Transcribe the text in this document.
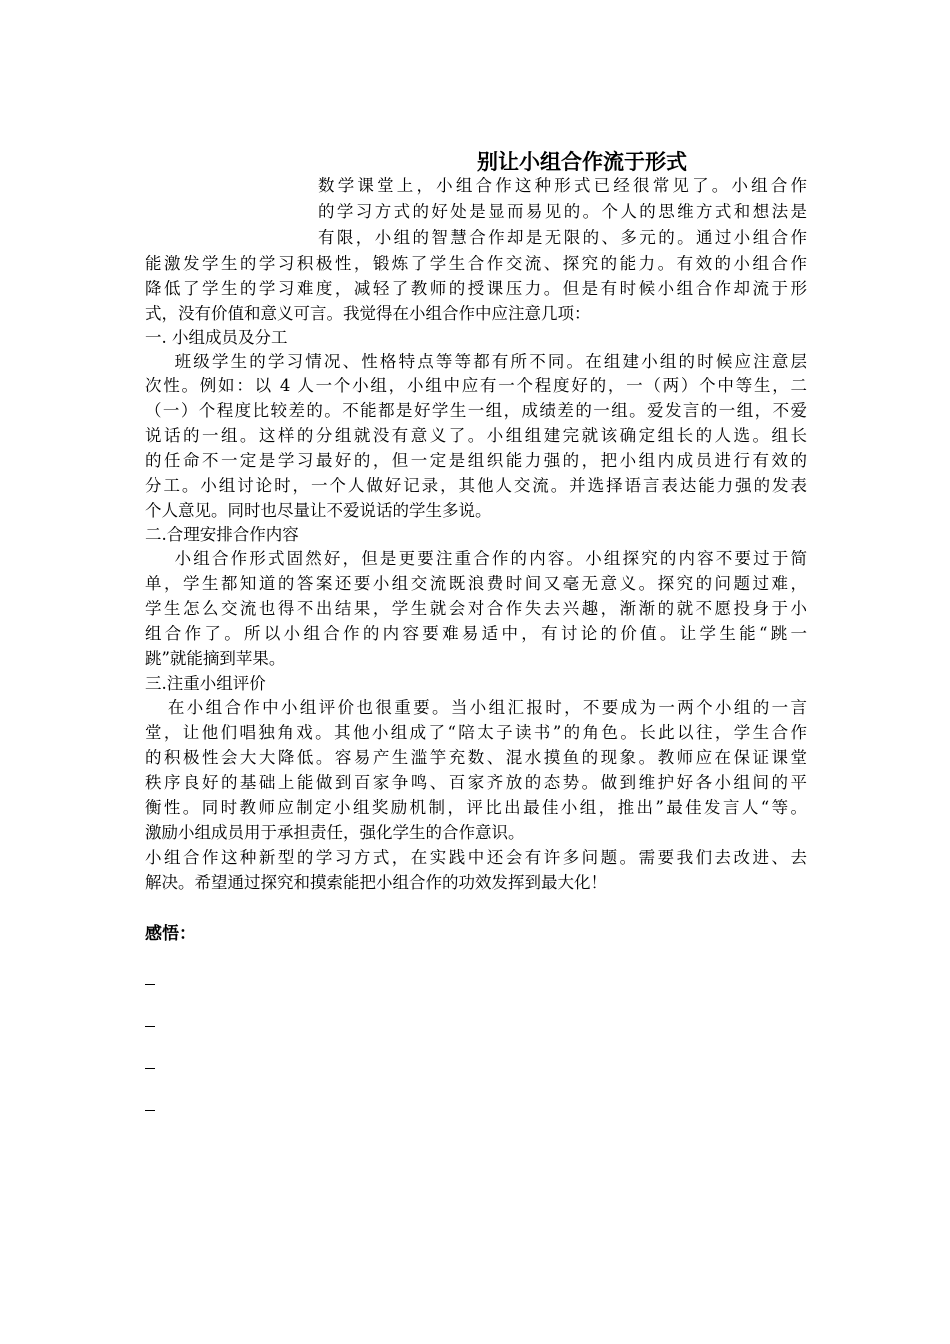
别让小组合作流于形式
数学课堂上，小组合作这种形式已经很常见了。小组合作
的学习方式的好处是显而易见的。个人的思维方式和想法是
有限，小组的智慧合作却是无限的、多元的。通过小组合作
能激发学生的学习积极性，锻炼了学生合作交流、探究的能力。有效的小组合作
降低了学生的学习难度，减轻了教师的授课压力。但是有时候小组合作却流于形
式，没有价值和意义可言。我觉得在小组合作中应注意几项：
一. 小组成员及分工
班级学生的学习情况、性格特点等等都有所不同。在组建小组的时候应注意层
次性。例如：以 4 人一个小组，小组中应有一个程度好的，一（两）个中等生，二
（一）个程度比较差的。不能都是好学生一组，成绩差的一组。爱发言的一组，不爱
说话的一组。这样的分组就没有意义了。小组组建完就该确定组长的人选。组长
的任命不一定是学习最好的，但一定是组织能力强的，把小组内成员进行有效的
分工。小组讨论时，一个人做好记录，其他人交流。并选择语言表达能力强的发表
个人意见。同时也尽量让不爱说话的学生多说。
二.合理安排合作内容
小组合作形式固然好，但是更要注重合作的内容。小组探究的内容不要过于简
单，学生都知道的答案还要小组交流既浪费时间又毫无意义。探究的问题过难，
学生怎么交流也得不出结果，学生就会对合作失去兴趣，渐渐的就不愿投身于小
组合作了。所以小组合作的内容要难易适中，有讨论的价值。让学生能“跳一
跳”就能摘到苹果。
三.注重小组评价
在小组合作中小组评价也很重要。当小组汇报时，不要成为一两个小组的一言
堂，让他们唱独角戏。其他小组成了“陪太子读书”的角色。长此以往，学生合作
的积极性会大大降低。容易产生滥竽充数、混水摸鱼的现象。教师应在保证课堂
秩序良好的基础上能做到百家争鸣、百家齐放的态势。做到维护好各小组间的平
衡性。同时教师应制定小组奖励机制，评比出最佳小组，推出”最佳发言人“等。
激励小组成员用于承担责任，强化学生的合作意识。
小组合作这种新型的学习方式，在实践中还会有许多问题。需要我们去改进、去
解决。希望通过探究和摸索能把小组合作的功效发挥到最大化！
感悟：
